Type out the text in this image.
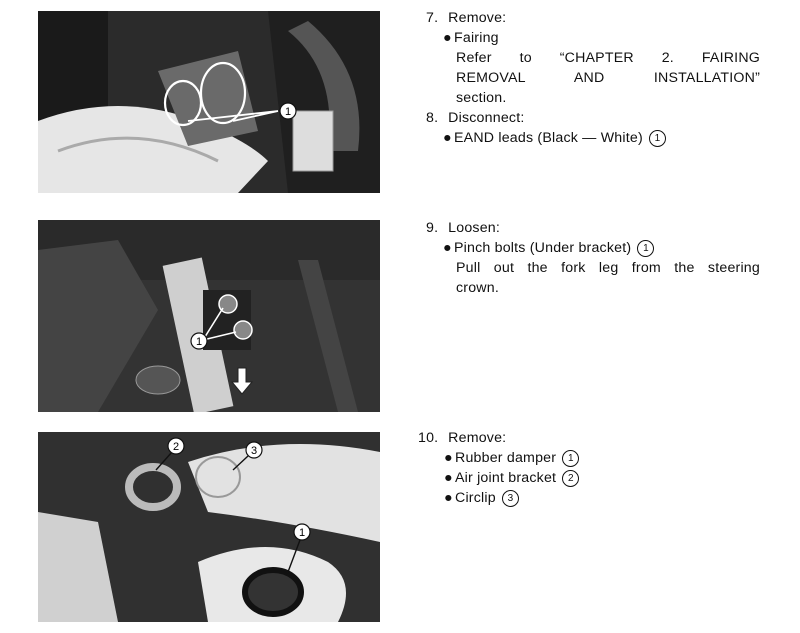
1
1
2	3
1
7. Remove:
● Fairing
Refer to “CHAPTER 2. FAIRING
REMOVAL AND INSTALLATION”
section.
8. Disconnect:
● EAND leads (Black — White) 1
9. Loosen:
● Pinch bolts (Under bracket) 1
Pull out the fork leg from the steering
crown.
10. Remove:
● Rubber damper 1
● Air joint bracket 2
● Circlip 3
